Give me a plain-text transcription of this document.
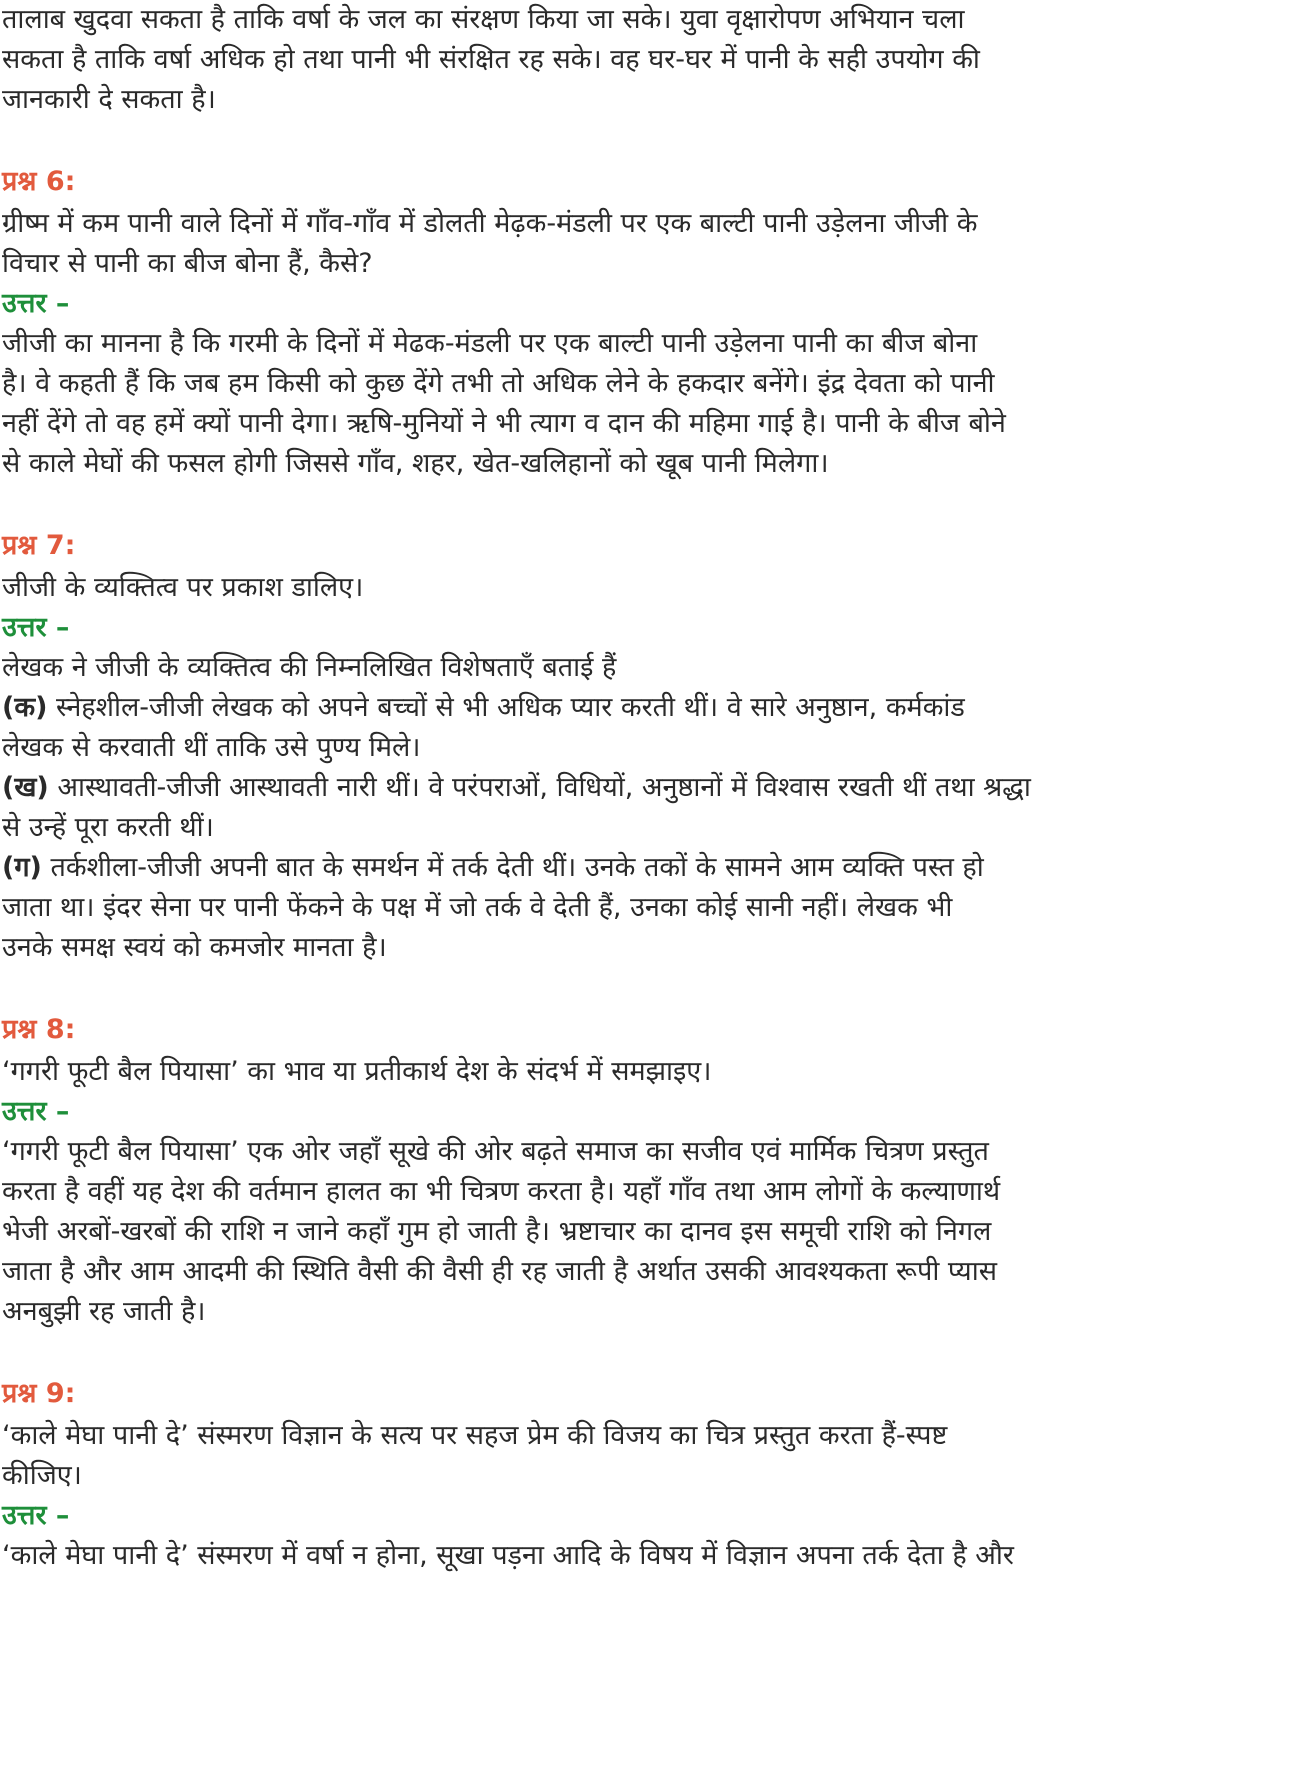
तालाब खुदवा सकता है ताकि वर्षा के जल का संरक्षण किया जा सके। युवा वृक्षारोपण अभियान चला
सकता है ताकि वर्षा अधिक हो तथा पानी भी संरक्षित रह सके। वह घर-घर में पानी के सही उपयोग की
जानकारी दे सकता है।
प्रश्न 6:
ग्रीष्म में कम पानी वाले दिनों में गाँव-गाँव में डोलती मेढ़क-मंडली पर एक बाल्टी पानी उड़ेलना जीजी के
विचार से पानी का बीज बोना हैं, कैसे?
उत्तर –
जीजी का मानना है कि गरमी के दिनों में मेढक-मंडली पर एक बाल्टी पानी उड़ेलना पानी का बीज बोना
है। वे कहती हैं कि जब हम किसी को कुछ देंगे तभी तो अधिक लेने के हकदार बनेंगे। इंद्र देवता को पानी
नहीं देंगे तो वह हमें क्यों पानी देगा। ऋषि-मुनियों ने भी त्याग व दान की महिमा गाई है। पानी के बीज बोने
से काले मेघों की फसल होगी जिससे गाँव, शहर, खेत-खलिहानों को खूब पानी मिलेगा।
प्रश्न 7:
जीजी के व्यक्तित्व पर प्रकाश डालिए।
उत्तर –
लेखक ने जीजी के व्यक्तित्व की निम्नलिखित विशेषताएँ बताई हैं
(क) स्नेहशील-जीजी लेखक को अपने बच्चों से भी अधिक प्यार करती थीं। वे सारे अनुष्ठान, कर्मकांड
लेखक से करवाती थीं ताकि उसे पुण्य मिले।
(ख) आस्थावती-जीजी आस्थावती नारी थीं। वे परंपराओं, विधियों, अनुष्ठानों में विश्वास रखती थीं तथा श्रद्धा
से उन्हें पूरा करती थीं।
(ग) तर्कशीला-जीजी अपनी बात के समर्थन में तर्क देती थीं। उनके तकों के सामने आम व्यक्ति पस्त हो
जाता था। इंदर सेना पर पानी फेंकने के पक्ष में जो तर्क वे देती हैं, उनका कोई सानी नहीं। लेखक भी
उनके समक्ष स्वयं को कमजोर मानता है।
प्रश्न 8:
‘गगरी फूटी बैल पियासा’ का भाव या प्रतीकार्थ देश के संदर्भ में समझाइए।
उत्तर –
‘गगरी फूटी बैल पियासा’ एक ओर जहाँ सूखे की ओर बढ़ते समाज का सजीव एवं मार्मिक चित्रण प्रस्तुत
करता है वहीं यह देश की वर्तमान हालत का भी चित्रण करता है। यहाँ गाँव तथा आम लोगों के कल्याणार्थ
भेजी अरबों-खरबों की राशि न जाने कहाँ गुम हो जाती है। भ्रष्टाचार का दानव इस समूची राशि को निगल
जाता है और आम आदमी की स्थिति वैसी की वैसी ही रह जाती है अर्थात उसकी आवश्यकता रूपी प्यास
अनबुझी रह जाती है।
प्रश्न 9:
‘काले मेघा पानी दे’ संस्मरण विज्ञान के सत्य पर सहज प्रेम की विजय का चित्र प्रस्तुत करता हैं-स्पष्ट
कीजिए।
उत्तर –
‘काले मेघा पानी दे’ संस्मरण में वर्षा न होना, सूखा पड़ना आदि के विषय में विज्ञान अपना तर्क देता है और
